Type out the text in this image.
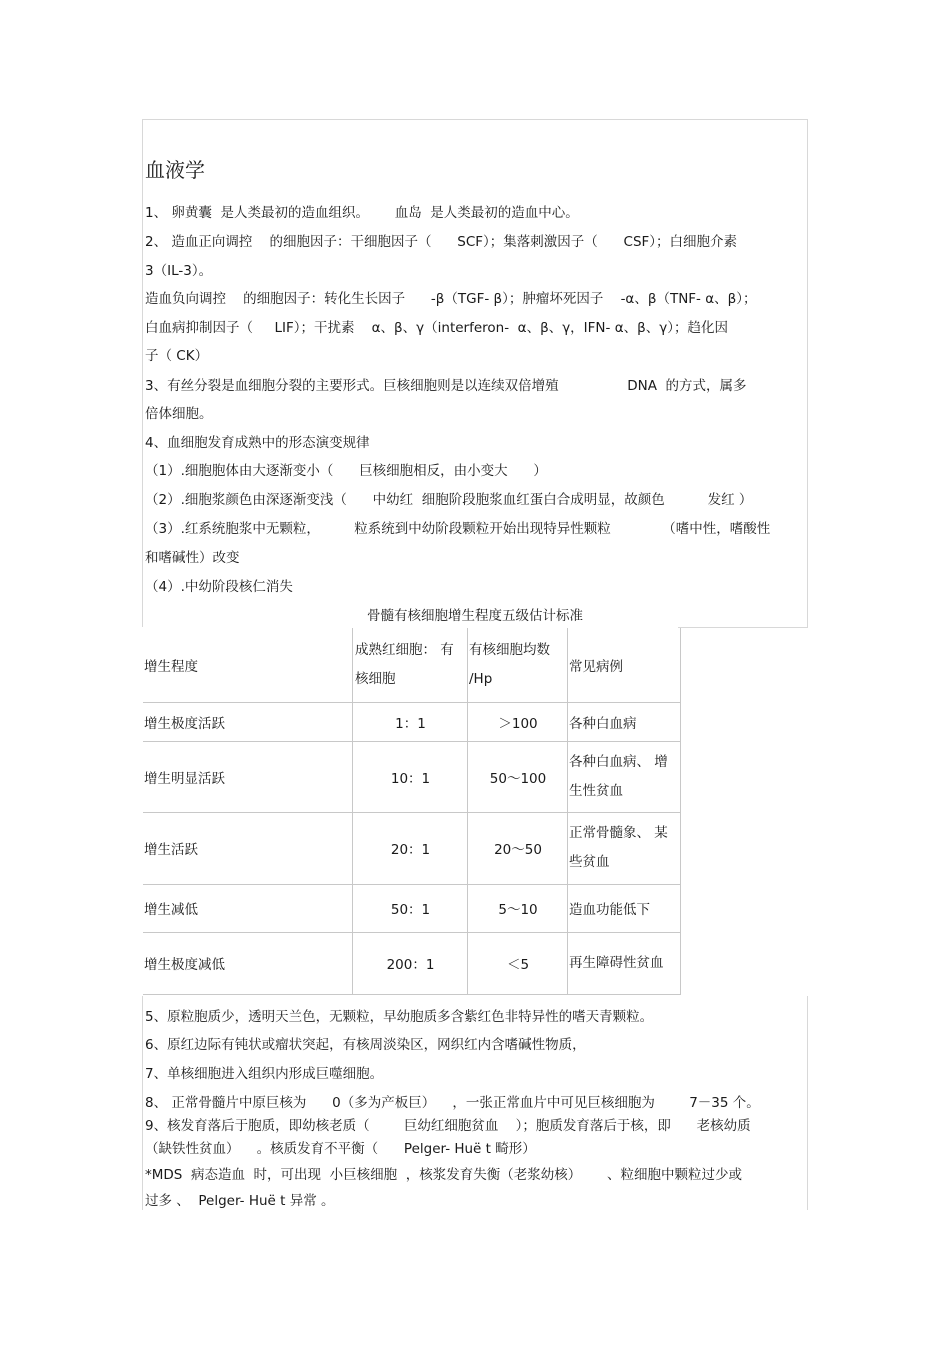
血液学
1、 卵黄囊  是人类最初的造血组织。      血岛  是人类最初的造血中心。
2、 造血正向调控    的细胞因子：干细胞因子（      SCF）；集落刺激因子（      CSF）；白细胞介素
3（IL-3）。
造血负向调控    的细胞因子：转化生长因子      -β（TGF- β）；肿瘤坏死因子    -α、β（TNF- α、β）；
白血病抑制因子（     LIF）；干扰素    α、β、γ（interferon-  α、β、γ，IFN- α、β、γ）；趋化因
子（ CK）
3、有丝分裂是血细胞分裂的主要形式。巨核细胞则是以连续双倍增殖                DNA  的方式，属多
倍体细胞。
4、血细胞发育成熟中的形态演变规律
（1）.细胞胞体由大逐渐变小（      巨核细胞相反，由小变大      ）
（2）.细胞浆颜色由深逐渐变浅（      中幼红  细胞阶段胞浆血红蛋白合成明显，故颜色          发红 ）
（3）.红系统胞浆中无颗粒，        粒系统到中幼阶段颗粒开始出现特异性颗粒            （嗜中性，嗜酸性
和嗜碱性）改变
（4）.中幼阶段核仁消失
骨髓有核细胞增生程度五级估计标准
增生程度	成熟红细胞： 有核细胞	有核细胞均数 /Hp	常见病例
增生极度活跃	1：1	＞100	各种白血病
增生明显活跃	10：1	50～100	各种白血病、 增生性贫血

增生活跃	20：1	20～50	正常骨髓象、 某些贫血

增生减低	50：1	5～10	造血功能低下
增生极度减低	200：1	＜5	再生障碍性贫血
5、原粒胞质少，透明天兰色，无颗粒，早幼胞质多含紫红色非特异性的嗜天青颗粒。
6、原红边际有钝状或瘤状突起，有核周淡染区，网织红内含嗜碱性物质，
7、单核细胞进入组织内形成巨噬细胞。
8、 正常骨髓片中原巨核为      0（多为产板巨）    ，一张正常血片中可见巨核细胞为        7－35 个。
9、核发育落后于胞质，即幼核老质（        巨幼红细胞贫血    ）；胞质发育落后于核，即      老核幼质
（缺铁性贫血）    。核质发育不平衡（      Pelger- Huё t 畸形）
*MDS  病态造血  时，可出现  小巨核细胞  ，核浆发育失衡（老浆幼核）      、粒细胞中颗粒过少或
过多 、  Pelger- Huё t 异常 。
